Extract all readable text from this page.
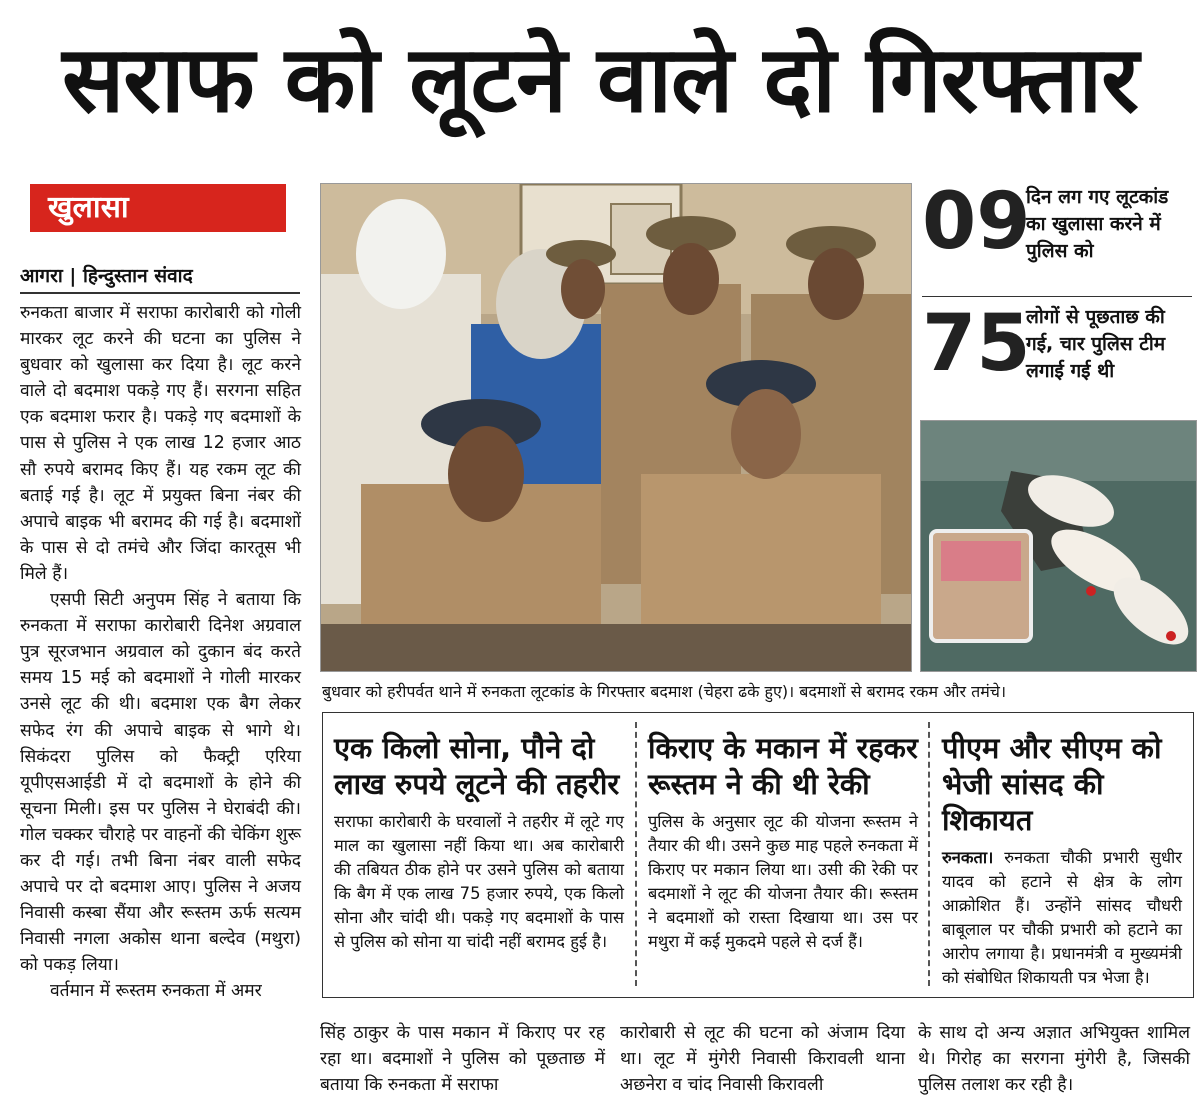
सराफ को लूटने वाले दो गिरफ्तार
खुलासा
आगरा | हिन्दुस्तान संवाद

रुनकता बाजार में सराफा कारोबारी को गोली मारकर लूट करने की घटना का पुलिस ने बुधवार को खुलासा कर दिया है। लूट करने वाले दो बदमाश पकड़े गए हैं। सरगना सहित एक बदमाश फरार है। पकड़े गए बदमाशों के पास से पुलिस ने एक लाख 12 हजार आठ सौ रुपये बरामद किए हैं। यह रकम लूट की बताई गई है। लूट में प्रयुक्त बिना नंबर की अपाचे बाइक भी बरामद की गई है। बदमाशों के पास से दो तमंचे और जिंदा कारतूस भी मिले हैं।

एसपी सिटी अनुपम सिंह ने बताया कि रुनकता में सराफा कारोबारी दिनेश अग्रवाल पुत्र सूरजभान अग्रवाल को दुकान बंद करते समय 15 मई को बदमाशों ने गोली मारकर उनसे लूट की थी। बदमाश एक बैग लेकर सफेद रंग की अपाचे बाइक से भागे थे। सिकंदरा पुलिस को फैक्ट्री एरिया यूपीएसआईडी में दो बदमाशों के होने की सूचना मिली। इस पर पुलिस ने घेराबंदी की। गोल चक्कर चौराहे पर वाहनों की चेकिंग शुरू कर दी गई। तभी बिना नंबर वाली सफेद अपाचे पर दो बदमाश आए। पुलिस ने अजय निवासी कस्बा सैंया और रूस्तम ऊर्फ सत्यम निवासी नगला अकोस थाना बल्देव (मथुरा) को पकड़ लिया।

वर्तमान में रूस्तम रुनकता में अमर

09
दिन लग गए लूटकांड का खुलासा करने में पुलिस को
75
लोगों से पूछताछ की गई, चार पुलिस टीम लगाई गई थी
बुधवार को हरीपर्वत थाने में रुनकता लूटकांड के गिरफ्तार बदमाश (चेहरा ढके हुए)। बदमाशों से बरामद रकम और तमंचे।
एक किलो सोना, पौने दो लाख रुपये लूटने की तहरीर
सराफा कारोबारी के घरवालों ने तहरीर में लूटे गए माल का खुलासा नहीं किया था। अब कारोबारी की तबियत ठीक होने पर उसने पुलिस को बताया कि बैग में एक लाख 75 हजार रुपये, एक किलो सोना और चांदी थी। पकड़े गए बदमाशों के पास से पुलिस को सोना या चांदी नहीं बरामद हुई है।
किराए के मकान में रहकर रूस्तम ने की थी रेकी
पुलिस के अनुसार लूट की योजना रूस्तम ने तैयार की थी। उसने कुछ माह पहले रुनकता में किराए पर मकान लिया था। उसी की रेकी पर बदमाशों ने लूट की योजना तैयार की। रूस्तम ने बदमाशों को रास्ता दिखाया था। उस पर मथुरा में कई मुकदमे पहले से दर्ज हैं।
पीएम और सीएम को भेजी सांसद की शिकायत
रुनकता। रुनकता चौकी प्रभारी सुधीर यादव को हटाने से क्षेत्र के लोग आक्रोशित हैं। उन्होंने सांसद चौधरी बाबूलाल पर चौकी प्रभारी को हटाने का आरोप लगाया है। प्रधानमंत्री व मुख्यमंत्री को संबोधित शिकायती पत्र भेजा है।
सिंह ठाकुर के पास मकान में किराए पर रह रहा था। बदमाशों ने पुलिस को पूछताछ में बताया कि रुनकता में सराफा
कारोबारी से लूट की घटना को अंजाम दिया था। लूट में मुंगेरी निवासी किरावली थाना अछनेरा व चांद निवासी किरावली
के साथ दो अन्य अज्ञात अभियुक्त शामिल थे। गिरोह का सरगना मुंगेरी है, जिसकी पुलिस तलाश कर रही है।
